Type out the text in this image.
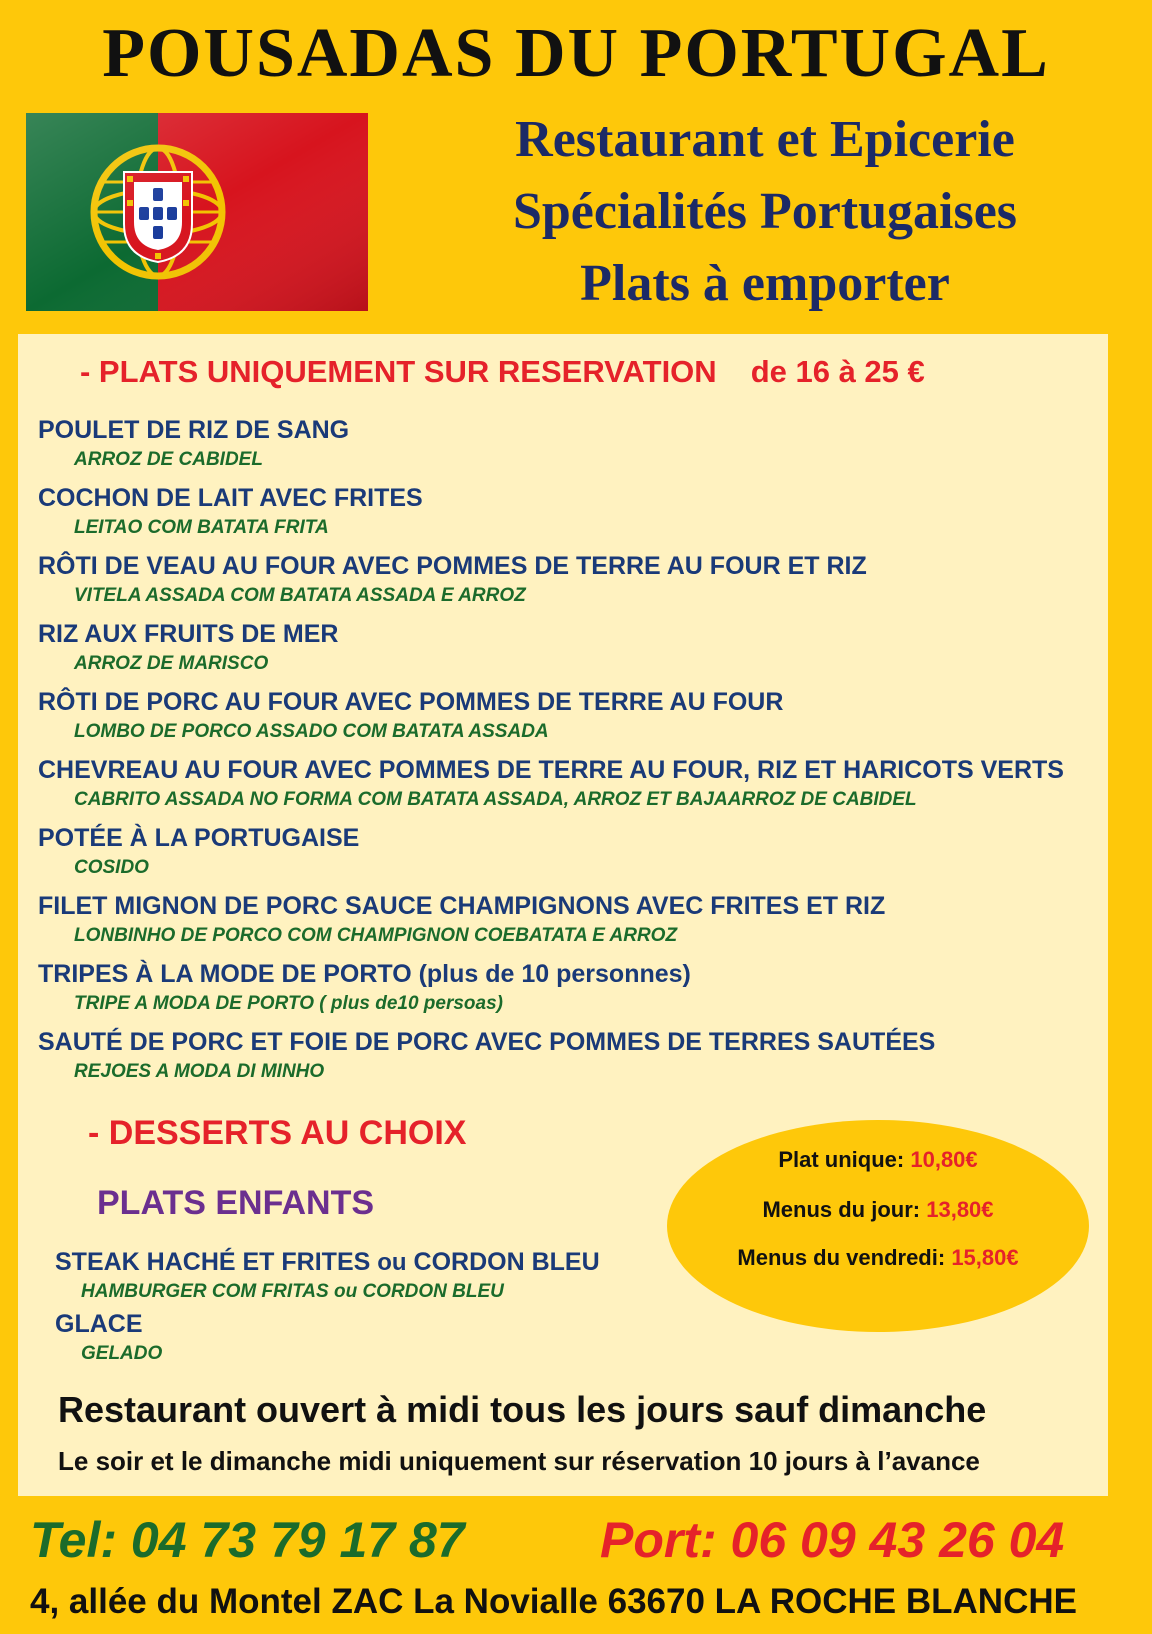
POUSADAS DU PORTUGAL
Restaurant et Epicerie
Spécialités Portugaises
Plats à emporter
- PLATS UNIQUEMENT SUR RESERVATION de 16 à 25 €
POULET DE RIZ DE SANG
ARROZ DE CABIDEL
COCHON DE LAIT AVEC FRITES
LEITAO COM BATATA FRITA
RÔTI DE VEAU AU FOUR AVEC POMMES DE TERRE AU FOUR ET RIZ
VITELA ASSADA COM BATATA ASSADA E ARROZ
RIZ AUX FRUITS DE MER
ARROZ DE MARISCO
RÔTI DE PORC AU FOUR AVEC POMMES DE TERRE AU FOUR
LOMBO DE PORCO ASSADO COM BATATA ASSADA
CHEVREAU AU FOUR AVEC POMMES DE TERRE AU FOUR, RIZ ET HARICOTS VERTS
CABRITO ASSADA NO FORMA COM BATATA ASSADA, ARROZ ET BAJAARROZ DE CABIDEL
POTÉE À LA PORTUGAISE
COSIDO
FILET MIGNON DE PORC SAUCE CHAMPIGNONS AVEC FRITES ET RIZ
LONBINHO DE PORCO COM CHAMPIGNON COEBATATA E ARROZ
TRIPES À LA MODE DE PORTO (plus de 10 personnes)
TRIPE A MODA DE PORTO ( plus de10 persoas)
SAUTÉ DE PORC ET FOIE DE PORC AVEC POMMES DE TERRES SAUTÉES
REJOES A MODA DI MINHO
- DESSERTS AU CHOIX
PLATS ENFANTS
STEAK HACHÉ ET FRITES ou CORDON BLEU
HAMBURGER COM FRITAS ou CORDON BLEU
GLACE
GELADO
Plat unique: 10,80€
Menus du jour: 13,80€
Menus du vendredi: 15,80€
Restaurant ouvert à midi tous les jours sauf dimanche
Le soir et le dimanche midi uniquement sur réservation 10 jours à l’avance
Tel: 04 73 79 17 87	Port: 06 09 43 26 04
4, allée du Montel ZAC La Novialle 63670 LA ROCHE BLANCHE
